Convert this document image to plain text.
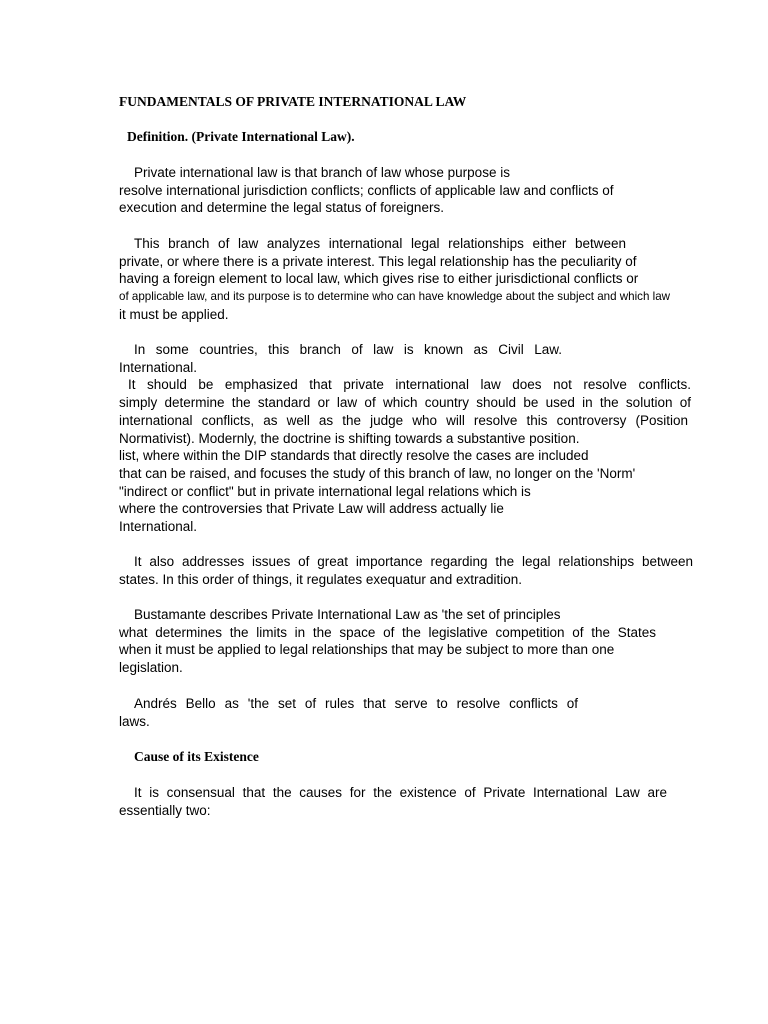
FUNDAMENTALS OF PRIVATE INTERNATIONAL LAW
Definition. (Private International Law).
Private international law is that branch of law whose purpose is
resolve international jurisdiction conflicts; conflicts of applicable law and conflicts of
execution and determine the legal status of foreigners.
This branch of law analyzes international legal relationships either between
private, or where there is a private interest. This legal relationship has the peculiarity of
having a foreign element to local law, which gives rise to either jurisdictional conflicts or
of applicable law, and its purpose is to determine who can have knowledge about the subject and which law
it must be applied.
In some countries, this branch of law is known as Civil Law.
International.
It should be emphasized that private international law does not resolve conflicts.
simply determine the standard or law of which country should be used in the solution of
international conflicts, as well as the judge who will resolve this controversy (Position
Normativist). Modernly, the doctrine is shifting towards a substantive position.
list, where within the DIP standards that directly resolve the cases are included
that can be raised, and focuses the study of this branch of law, no longer on the 'Norm'
"indirect or conflict" but in private international legal relations which is
where the controversies that Private Law will address actually lie
International.
It also addresses issues of great importance regarding the legal relationships between
states. In this order of things, it regulates exequatur and extradition.
Bustamante describes Private International Law as 'the set of principles
what determines the limits in the space of the legislative competition of the States
when it must be applied to legal relationships that may be subject to more than one
legislation.
Andrés Bello as 'the set of rules that serve to resolve conflicts of
laws.
Cause of its Existence
It is consensual that the causes for the existence of Private International Law are
essentially two:
